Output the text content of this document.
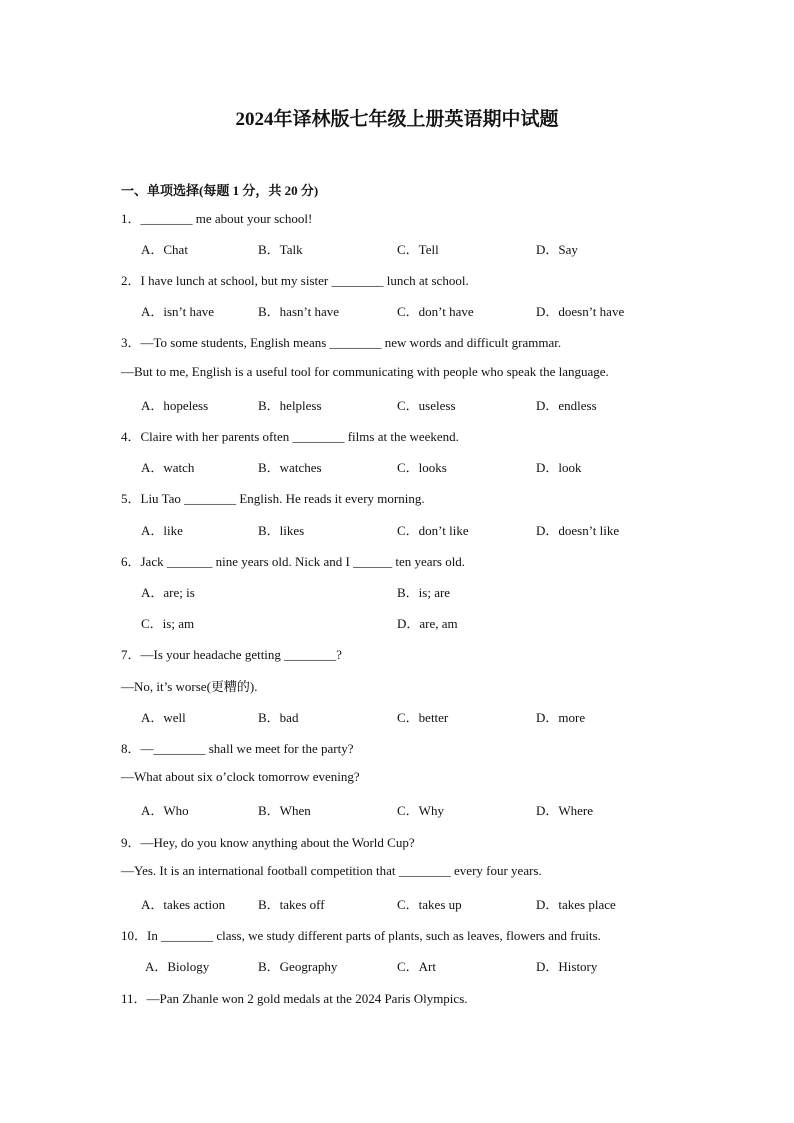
2024年译林版七年级上册英语期中试题
一、单项选择(每题 1 分，共 20 分)
1．________ me about your school!
A．Chat	B．Talk	C．Tell	D．Say
2．I have lunch at school, but my sister ________ lunch at school.
A．isn’t have	B．hasn’t have	C．don’t have	D．doesn’t have
3．—To some students, English means ________ new words and difficult grammar.
—But to me, English is a useful tool for communicating with people who speak the language.
A．hopeless	B．helpless	C．useless	D．endless
4．Claire with her parents often ________ films at the weekend.
A．watch	B．watches	C．looks	D．look
5．Liu Tao ________ English. He reads it every morning.
A．like	B．likes	C．don’t like	D．doesn’t like
6．Jack _______ nine years old. Nick and I ______ ten years old.
A．are; is	B．is; are
C．is; am	D．are, am
7．—Is your headache getting ________?
—No, it’s worse(更糟的).
A．well	B．bad	C．better	D．more
8．—________ shall we meet for the party?
—What about six o’clock tomorrow evening?
A．Who	B．When	C．Why	D．Where
9．—Hey, do you know anything about the World Cup?
—Yes. It is an international football competition that ________ every four years.
A．takes action	B．takes off	C．takes up	D．takes place
10．In ________ class, we study different parts of plants, such as leaves, flowers and fruits.
A．Biology	B．Geography	C．Art	D．History
11．—Pan Zhanle won 2 gold medals at the 2024 Paris Olympics.
